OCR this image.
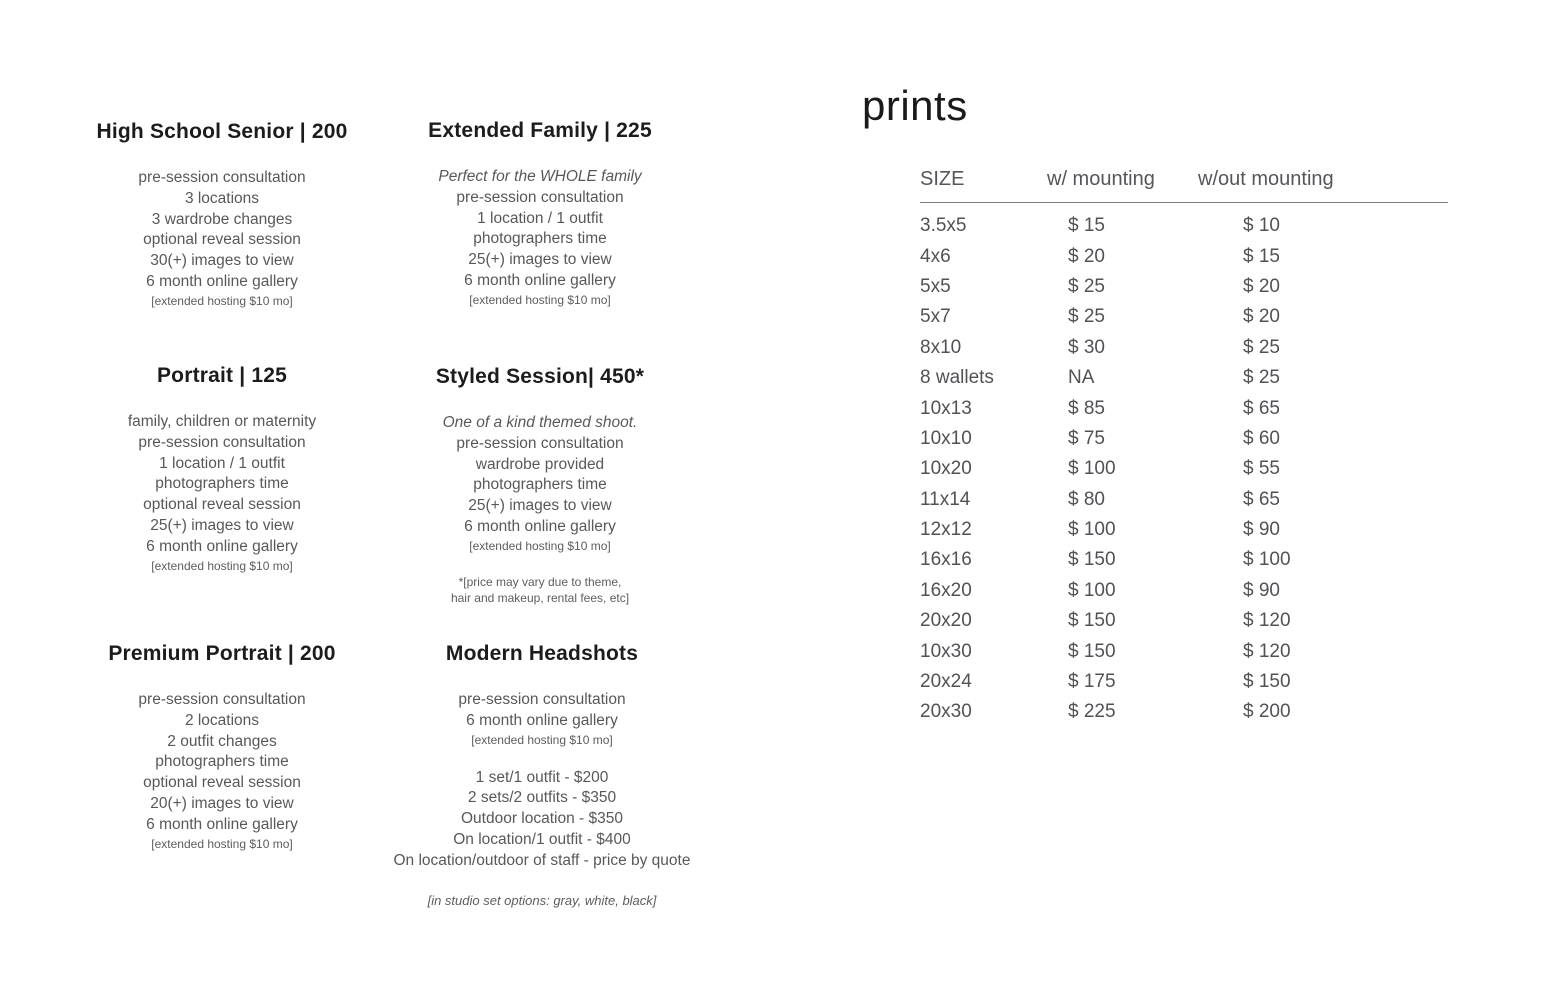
High School Senior | 200
pre-session consultation
3 locations
3 wardrobe changes
optional reveal session
30(+) images to view
6 month online gallery
[extended hosting $10 mo]
Portrait | 125
family, children or maternity
pre-session consultation
1 location / 1 outfit
photographers time
optional reveal session
25(+) images to view
6 month online gallery
[extended hosting $10 mo]
Premium Portrait | 200
pre-session consultation
2 locations
2 outfit changes
photographers time
optional reveal session
20(+) images to view
6 month online gallery
[extended hosting $10 mo]
Extended Family | 225
Perfect for the WHOLE family
pre-session consultation
1 location / 1 outfit
photographers time
25(+) images to view
6 month online gallery
[extended hosting $10 mo]
Styled Session| 450*
One of a kind themed shoot.
pre-session consultation
wardrobe provided
photographers time
25(+) images to view
6 month online gallery
[extended hosting $10 mo]
*[price may vary due to theme,
hair and makeup, rental fees, etc]
Modern Headshots
pre-session consultation
6 month online gallery
[extended hosting $10 mo]
1 set/1 outfit - $200
2 sets/2 outfits - $350
Outdoor location - $350
On location/1 outfit - $400
On location/outdoor of staff - price by quote
[in studio set options: gray, white, black]
prints
SIZE	w/ mounting	w/out mounting
3.5x5	$ 15	$ 10
4x6	$ 20	$ 15
5x5	$ 25	$ 20
5x7	$ 25	$ 20
8x10	$ 30	$ 25
8 wallets	NA	$ 25
10x13	$ 85	$ 65
10x10	$ 75	$ 60
10x20	$ 100	$ 55
11x14	$ 80	$ 65
12x12	$ 100	$ 90
16x16	$ 150	$ 100
16x20	$ 100	$ 90
20x20	$ 150	$ 120
10x30	$ 150	$ 120
20x24	$ 175	$ 150
20x30	$ 225	$ 200
